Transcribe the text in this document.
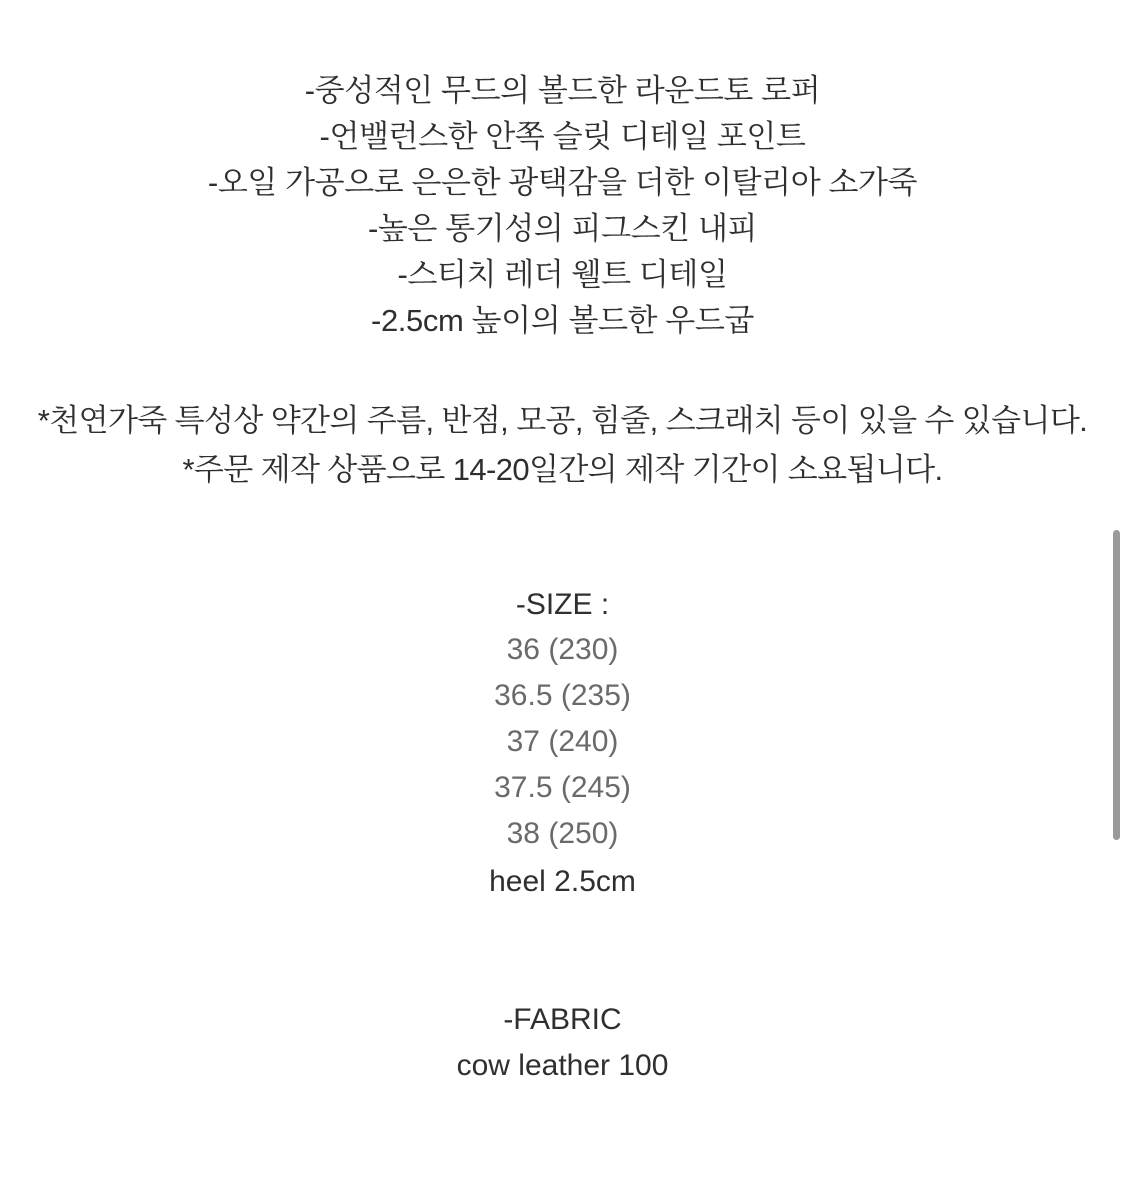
-중성적인 무드의 볼드한 라운드토 로퍼
-언밸런스한 안쪽 슬릿 디테일 포인트
-오일 가공으로 은은한 광택감을 더한 이탈리아 소가죽
-높은 통기성의 피그스킨 내피
-스티치 레더 웰트 디테일
-2.5cm 높이의 볼드한 우드굽
*천연가죽 특성상 약간의 주름, 반점, 모공, 힘줄, 스크래치 등이 있을 수 있습니다.
*주문 제작 상품으로 14-20일간의 제작 기간이 소요됩니다.
-SIZE :
36 (230)
36.5 (235)
37 (240)
37.5 (245)
38 (250)
heel 2.5cm
-FABRIC
cow leather 100
